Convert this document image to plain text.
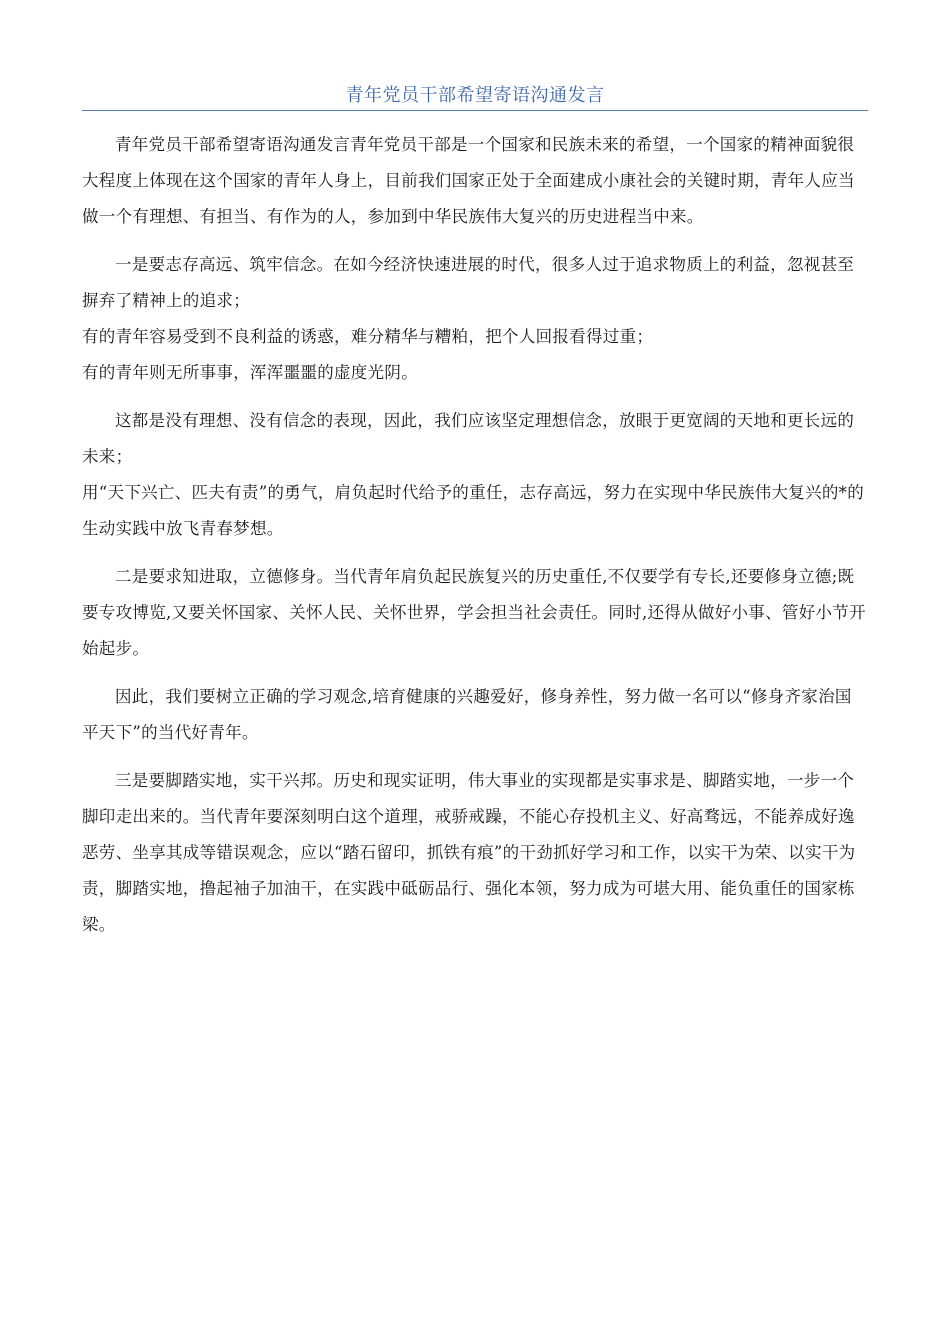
青年党员干部希望寄语沟通发言

青年党员干部希望寄语沟通发言青年党员干部是一个国家和民族未来的希望，一个国家的精神面貌很大程度上体现在这个国家的青年人身上，目前我们国家正处于全面建成小康社会的关键时期，青年人应当做一个有理想、有担当、有作为的人，参加到中华民族伟大复兴的历史进程当中来。

一是要志存高远、筑牢信念。在如今经济快速进展的时代，很多人过于追求物质上的利益，忽视甚至摒弃了精神上的追求；

有的青年容易受到不良利益的诱惑，难分精华与糟粕，把个人回报看得过重；

有的青年则无所事事，浑浑噩噩的虚度光阴。

这都是没有理想、没有信念的表现，因此，我们应该坚定理想信念，放眼于更宽阔的天地和更长远的未来；

用“天下兴亡、匹夫有责”的勇气，肩负起时代给予的重任，志存高远，努力在实现中华民族伟大复兴的*的生动实践中放飞青春梦想。

二是要求知进取，立德修身。当代青年肩负起民族复兴的历史重任,不仅要学有专长,还要修身立德;既要专攻博览,又要关怀国家、关怀人民、关怀世界，学会担当社会责任。同时,还得从做好小事、管好小节开始起步。

因此，我们要树立正确的学习观念,培育健康的兴趣爱好，修身养性，努力做一名可以“修身齐家治国平天下”的当代好青年。

三是要脚踏实地，实干兴邦。历史和现实证明，伟大事业的实现都是实事求是、脚踏实地，一步一个脚印走出来的。当代青年要深刻明白这个道理，戒骄戒躁，不能心存投机主义、好高骛远，不能养成好逸恶劳、坐享其成等错误观念，应以“踏石留印，抓铁有痕”的干劲抓好学习和工作，以实干为荣、以实干为责，脚踏实地，撸起袖子加油干，在实践中砥砺品行、强化本领，努力成为可堪大用、能负重任的国家栋梁。
